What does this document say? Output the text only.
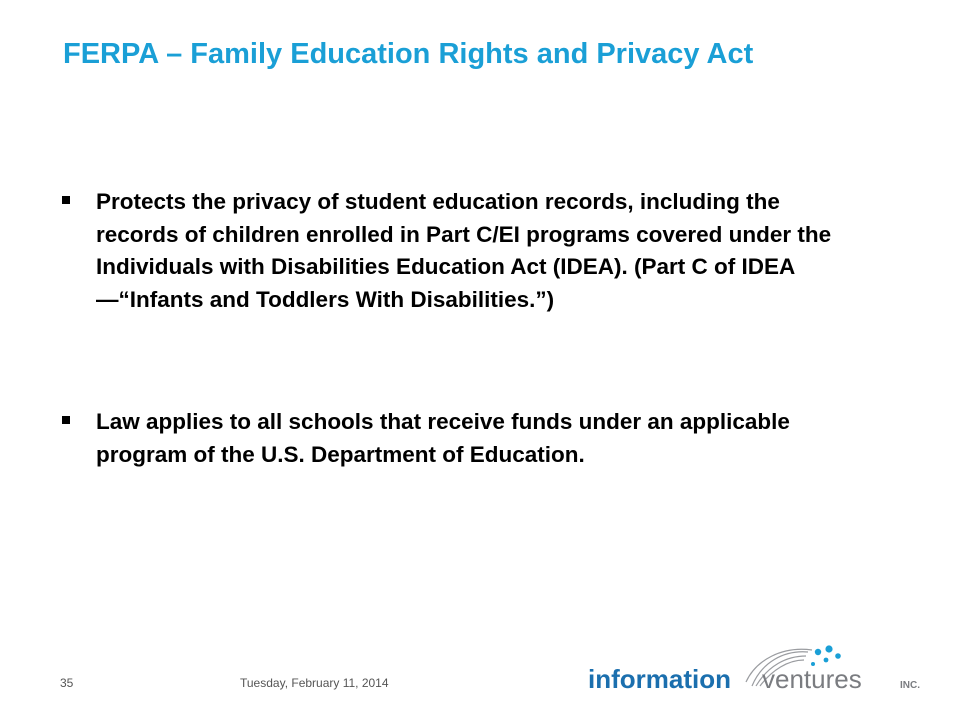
FERPA – Family Education Rights and Privacy Act
Protects the privacy of student education records, including the records of children enrolled in Part C/EI programs covered under the Individuals with Disabilities Education Act (IDEA). (Part C of IDEA —“Infants and Toddlers With Disabilities.”)
Law applies to all schools that receive funds under an applicable program of the U.S. Department of Education.
35	Tuesday, February 11, 2014	information ventures	INC.
